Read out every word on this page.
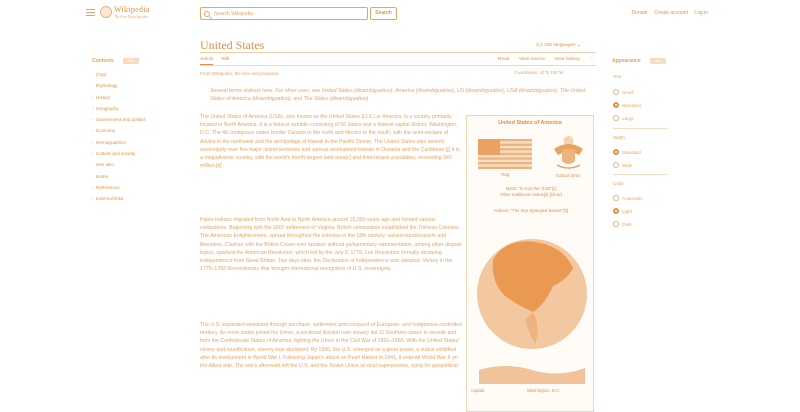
Wikipedia
The Free Encyclopedia
Search Wikipedia
Search	Donate Create account Log in
Contents	hide
(Top)
Etymology
› History
› Geography
› Government and politics
› Economy
› Demographics
› Culture and society
See also
Notes
› References
› External links
United States	文A 332 languages ⌄
Article Talk	Read View source View history ⋮
From Wikipedia, the free encyclopedia	Coordinates: 40°N 100°W
Several terms redirect here. For other uses, see United States (disambiguation), America (disambiguation), US (disambiguation), USA (disambiguation), The United States of America (disambiguation), and The States (disambiguation).
The United States of America (USA), also known as the United States (U.S.) or America, is a country primarily located in North America. It is a federal republic consisting of 50 states and a federal capital district, Washington, D.C. The 48 contiguous states border Canada to the north and Mexico to the south, with the semi-exclave of Alaska in the northwest and the archipelago of Hawaii in the Pacific Ocean. The United States also asserts sovereignty over five major island territories and various uninhabited islands in Oceania and the Caribbean.[j] It is a megadiverse country, with the world's fourth-largest land area[c] and third-largest population, exceeding 340 million.[k]
Paleo-Indians migrated from North Asia to North America around 15,000 years ago and formed various civilizations. Beginning with the 1607 settlement of Virginia, British colonization established the Thirteen Colonies. The American Enlightenment, spread throughout the colonies in the 18th century, valued republicanism and liberalism. Clashes with the British Crown over taxation without parliamentary representation, among other dispute topics, sparked the American Revolution, which led by the July 2, 1776, Lee Resolution formally declaring independence from Great Britain. Two days later, the Declaration of Independence was adopted. Victory in the 1775–1783 Revolutionary War brought international recognition of U.S. sovereignty.
The U.S. expanded westward through purchase, settlement and conquest of European- and Indigenous-controlled territory. As more states joined the Union, a sectional division over slavery led 11 Southern states to secede and form the Confederate States of America, fighting the Union in the Civil War of 1861–1865. With the United States' victory and reunification, slavery was abolished. By 1900, the U.S. emerged as a great power, a status solidified after its involvement in World War I. Following Japan's attack on Pearl Harbor in 1941, it entered World War II on the Allied side. The war's aftermath left the U.S. and the Soviet Union as dual superpowers, vying for geopolitical
United States of America
Flag	Coat of arms
Motto: "In God We Trust"[1]
Other traditional mottos[2] [show]
Anthem: "The Star-Spangled Banner"[3]
Capital	Washington, D.C.
Appearance	hide
Text
Small
Standard
Large
Width
Standard
Wide
Color
Automatic
Light
Dark
